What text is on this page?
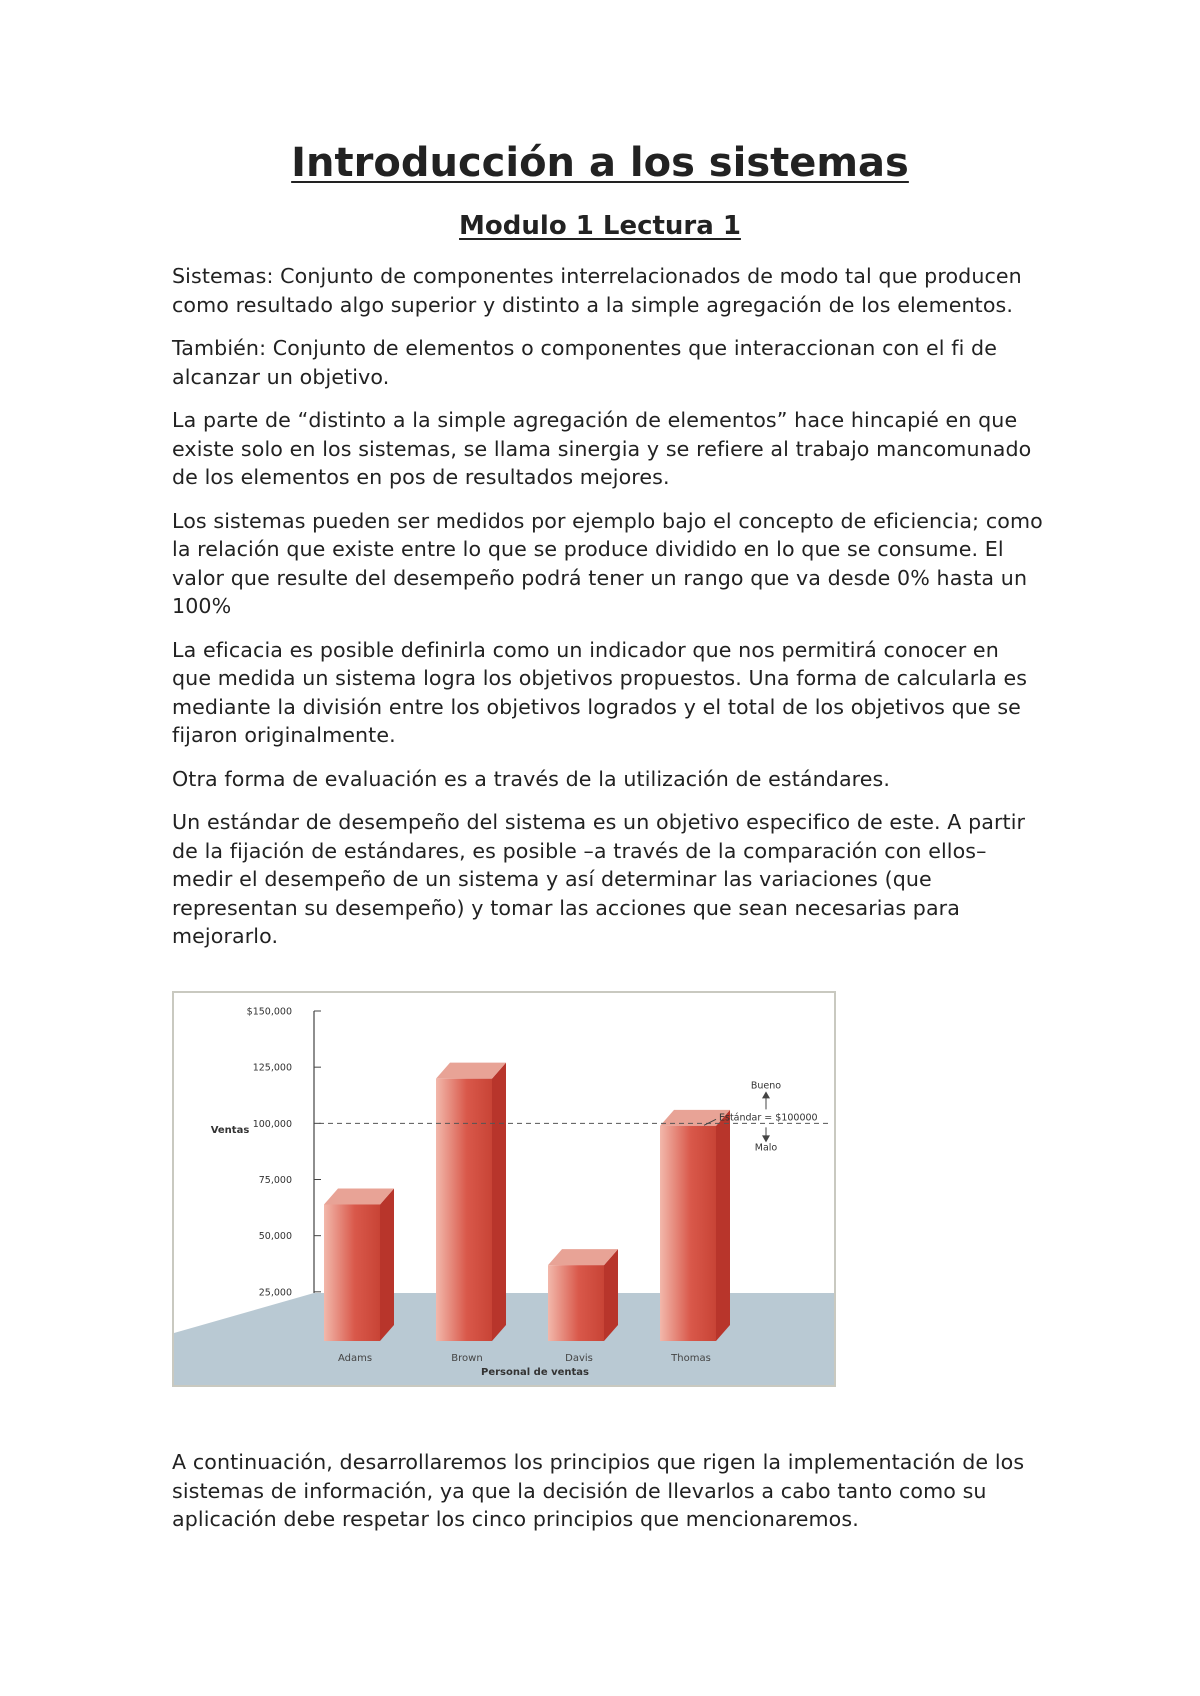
Introducción a los sistemas
Modulo 1 Lectura 1

Sistemas: Conjunto de componentes interrelacionados de modo tal que producen como resultado algo superior y distinto a la simple agregación de los elementos.

También: Conjunto de elementos o componentes que interaccionan con el fi de alcanzar un objetivo.

La parte de “distinto a la simple agregación de elementos” hace hincapié en que existe solo en los sistemas, se llama sinergia y se refiere al trabajo mancomunado de los elementos en pos de resultados mejores.

Los sistemas pueden ser medidos por ejemplo bajo el concepto de eficiencia; como la relación que existe entre lo que se produce dividido en lo que se consume. El valor que resulte del desempeño podrá tener un rango que va desde 0% hasta un 100%

La eficacia es posible definirla como un indicador que nos permitirá conocer en que medida un sistema logra los objetivos propuestos. Una forma de calcularla es mediante la división entre los objetivos logrados y el total de los objetivos que se fijaron originalmente.

Otra forma de evaluación es a través de la utilización de estándares.

Un estándar de desempeño del sistema es un objetivo especifico de este. A partir de la fijación de estándares, es posible –a través de la comparación con ellos– medir el desempeño de un sistema y así determinar las variaciones (que representan su desempeño) y tomar las acciones que sean necesarias para mejorarlo.

$150,000
125,000
100,000
75,000
50,000
25,000
Ventas
Estándar = $100000
Bueno
Malo
Adams	Brown	Davis	Thomas
Personal de ventas

A continuación, desarrollaremos los principios que rigen la implementación de los sistemas de información, ya que la decisión de llevarlos a cabo tanto como su aplicación debe respetar los cinco principios que mencionaremos.
